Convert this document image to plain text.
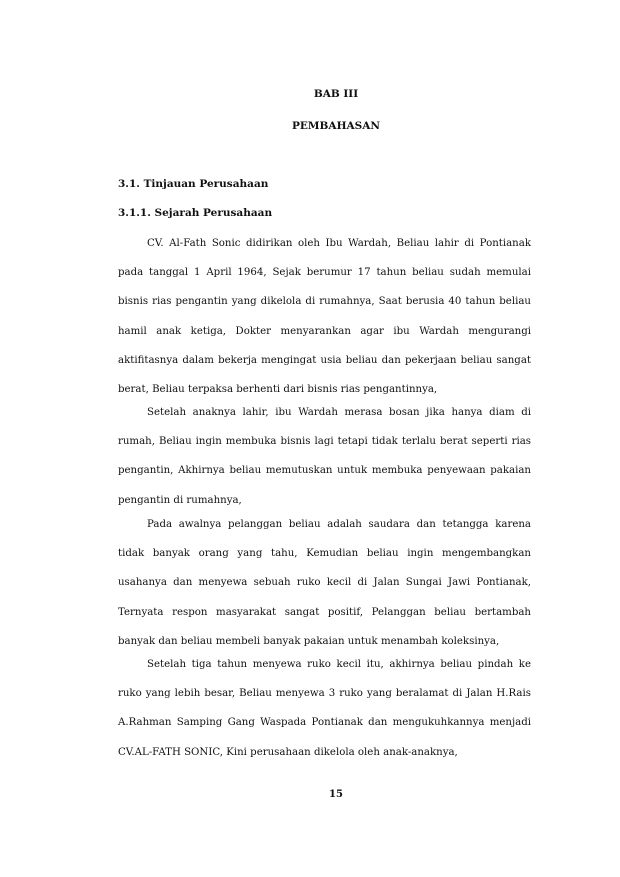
BAB III
PEMBAHASAN
3.1. Tinjauan Perusahaan
3.1.1. Sejarah Perusahaan

CV. Al-Fath Sonic didirikan oleh Ibu Wardah, Beliau lahir di Pontianak pada tanggal 1 April 1964, Sejak berumur 17 tahun beliau sudah memulai bisnis rias pengantin yang dikelola di rumahnya, Saat berusia 40 tahun beliau hamil anak ketiga, Dokter menyarankan agar ibu Wardah mengurangi aktifitasnya dalam bekerja mengingat usia beliau dan pekerjaan beliau sangat berat, Beliau terpaksa berhenti dari bisnis rias pengantinnya,

Setelah anaknya lahir, ibu Wardah merasa bosan jika hanya diam di rumah, Beliau ingin membuka bisnis lagi tetapi tidak terlalu berat seperti rias pengantin, Akhirnya beliau memutuskan untuk membuka penyewaan pakaian pengantin di rumahnya,

Pada awalnya pelanggan beliau adalah saudara dan tetangga karena tidak banyak orang yang tahu, Kemudian beliau ingin mengembangkan usahanya dan menyewa sebuah ruko kecil di Jalan Sungai Jawi Pontianak, Ternyata respon masyarakat sangat positif, Pelanggan beliau bertambah banyak dan beliau membeli banyak pakaian untuk menambah koleksinya,

Setelah tiga tahun menyewa ruko kecil itu, akhirnya beliau pindah ke ruko yang lebih besar, Beliau menyewa 3 ruko yang beralamat di Jalan H.Rais A.Rahman Samping Gang Waspada Pontianak dan mengukuhkannya menjadi CV.AL-FATH SONIC, Kini perusahaan dikelola oleh anak-anaknya,

15
